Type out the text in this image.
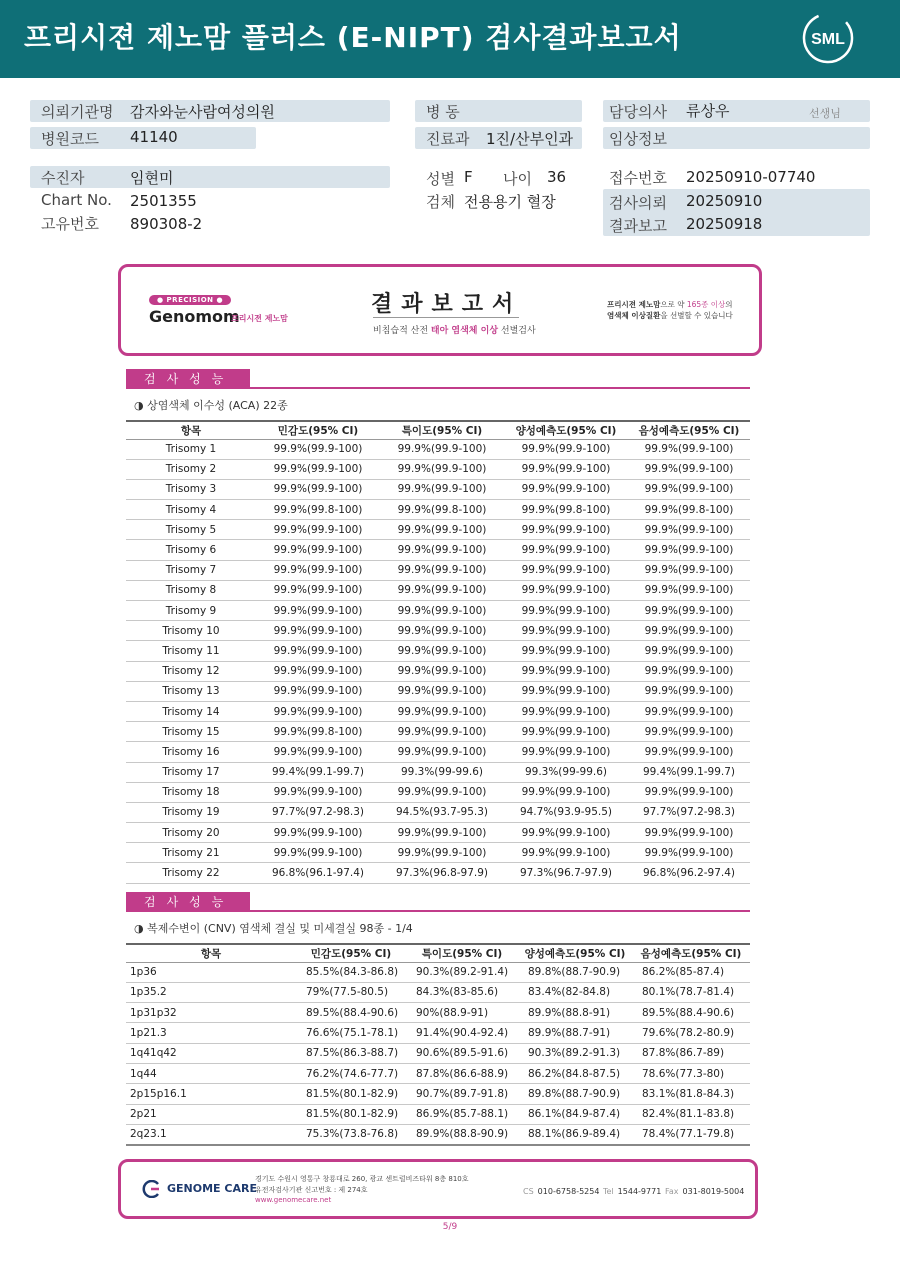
프리시젼 제노맘 플러스 (E-NIPT) 검사결과보고서	SML
의뢰기관명 감자와눈사람여성의원
병원코드 41140
병 동
진료과 1진/산부인과
담당의사 류상우	선생님
임상정보
수진자	임현미
Chart No. 2501355
고유번호 890308-2
성별 F 나이 36
검체 전용용기 혈장
접수번호 20250910-07740
검사의뢰 20250910
결과보고 20250918
● PRECISION ●
Genomom
프리시젼 제노맘
결과보고서
비침습적 산전 태아 염색체 이상 선별검사
프리시젼 제노맘으로 약 165종 이상의
염색체 이상질환을 선별할 수 있습니다
검사성능
◑ 상염색체 이수성 (ACA) 22종
항목	민감도(95% CI)	특이도(95% CI)	양성예측도(95% CI)	음성예측도(95% CI)
Trisomy 1	99.9%(99.9-100)	99.9%(99.9-100)	99.9%(99.9-100)	99.9%(99.9-100)
Trisomy 2	99.9%(99.9-100)	99.9%(99.9-100)	99.9%(99.9-100)	99.9%(99.9-100)
Trisomy 3	99.9%(99.9-100)	99.9%(99.9-100)	99.9%(99.9-100)	99.9%(99.9-100)
Trisomy 4	99.9%(99.8-100)	99.9%(99.8-100)	99.9%(99.8-100)	99.9%(99.8-100)
Trisomy 5	99.9%(99.9-100)	99.9%(99.9-100)	99.9%(99.9-100)	99.9%(99.9-100)
Trisomy 6	99.9%(99.9-100)	99.9%(99.9-100)	99.9%(99.9-100)	99.9%(99.9-100)
Trisomy 7	99.9%(99.9-100)	99.9%(99.9-100)	99.9%(99.9-100)	99.9%(99.9-100)
Trisomy 8	99.9%(99.9-100)	99.9%(99.9-100)	99.9%(99.9-100)	99.9%(99.9-100)
Trisomy 9	99.9%(99.9-100)	99.9%(99.9-100)	99.9%(99.9-100)	99.9%(99.9-100)
Trisomy 10	99.9%(99.9-100)	99.9%(99.9-100)	99.9%(99.9-100)	99.9%(99.9-100)
Trisomy 11	99.9%(99.9-100)	99.9%(99.9-100)	99.9%(99.9-100)	99.9%(99.9-100)
Trisomy 12	99.9%(99.9-100)	99.9%(99.9-100)	99.9%(99.9-100)	99.9%(99.9-100)
Trisomy 13	99.9%(99.9-100)	99.9%(99.9-100)	99.9%(99.9-100)	99.9%(99.9-100)
Trisomy 14	99.9%(99.9-100)	99.9%(99.9-100)	99.9%(99.9-100)	99.9%(99.9-100)
Trisomy 15	99.9%(99.8-100)	99.9%(99.9-100)	99.9%(99.9-100)	99.9%(99.9-100)
Trisomy 16	99.9%(99.9-100)	99.9%(99.9-100)	99.9%(99.9-100)	99.9%(99.9-100)
Trisomy 17	99.4%(99.1-99.7)	99.3%(99-99.6)	99.3%(99-99.6)	99.4%(99.1-99.7)
Trisomy 18	99.9%(99.9-100)	99.9%(99.9-100)	99.9%(99.9-100)	99.9%(99.9-100)
Trisomy 19	97.7%(97.2-98.3)	94.5%(93.7-95.3)	94.7%(93.9-95.5)	97.7%(97.2-98.3)
Trisomy 20	99.9%(99.9-100)	99.9%(99.9-100)	99.9%(99.9-100)	99.9%(99.9-100)
Trisomy 21	99.9%(99.9-100)	99.9%(99.9-100)	99.9%(99.9-100)	99.9%(99.9-100)
Trisomy 22	96.8%(96.1-97.4)	97.3%(96.8-97.9)	97.3%(96.7-97.9)	96.8%(96.2-97.4)
검사성능
◑ 복제수변이 (CNV) 염색체 결실 및 미세결실 98종 - 1/4
항목	민감도(95% CI)	특이도(95% CI)	양성예측도(95% CI)	음성예측도(95% CI)
1p36	85.5%(84.3-86.8)	90.3%(89.2-91.4)	89.8%(88.7-90.9)	86.2%(85-87.4)
1p35.2	79%(77.5-80.5)	84.3%(83-85.6)	83.4%(82-84.8)	80.1%(78.7-81.4)
1p31p32	89.5%(88.4-90.6)	90%(88.9-91)	89.9%(88.8-91)	89.5%(88.4-90.6)
1p21.3	76.6%(75.1-78.1)	91.4%(90.4-92.4)	89.9%(88.7-91)	79.6%(78.2-80.9)
1q41q42	87.5%(86.3-88.7)	90.6%(89.5-91.6)	90.3%(89.2-91.3)	87.8%(86.7-89)
1q44	76.2%(74.6-77.7)	87.8%(86.6-88.9)	86.2%(84.8-87.5)	78.6%(77.3-80)
2p15p16.1	81.5%(80.1-82.9)	90.7%(89.7-91.8)	89.8%(88.7-90.9)	83.1%(81.8-84.3)
2p21	81.5%(80.1-82.9)	86.9%(85.7-88.1)	86.1%(84.9-87.4)	82.4%(81.1-83.8)
2q23.1	75.3%(73.8-76.8)	89.9%(88.8-90.9)	88.1%(86.9-89.4)	78.4%(77.1-79.8)
GENOME CARE
경기도 수원시 영통구 창룡대로 260, 광교 센트럴비즈타워 8층 810호
유전자검사기관 신고번호 : 제 274호
www.genomecare.net
CS 010-6758-5254 Tel 1544-9771 Fax 031-8019-5004
5/9
